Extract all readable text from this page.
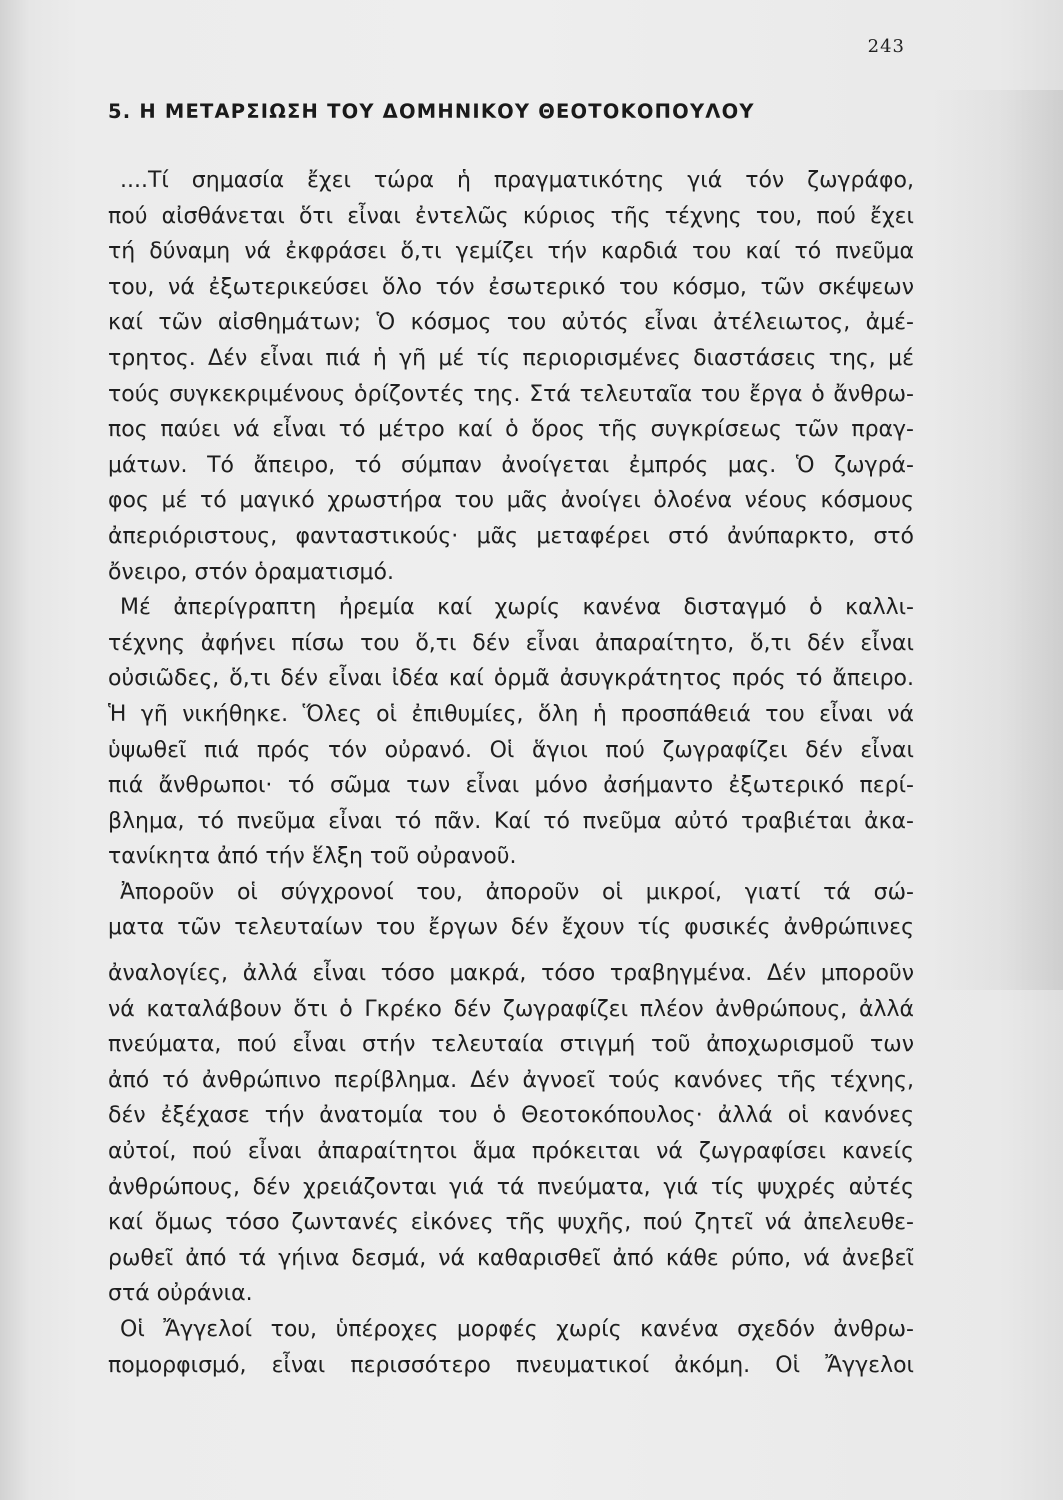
243
5. Η ΜΕΤΑΡΣΙΩΣΗ ΤΟΥ ΔΟΜΗΝΙΚΟΥ ΘΕΟΤΟΚΟΠΟΥΛΟΥ
....Τί σημασία ἔχει τώρα ἡ πραγματικότης γιά τόν ζωγράφο,
πού αἰσθάνεται ὅτι εἶναι ἐντελῶς κύριος τῆς τέχνης του, πού ἔχει
τή δύναμη νά ἐκφράσει ὅ,τι γεμίζει τήν καρδιά του καί τό πνεῦμα
του, νά ἐξωτερικεύσει ὅλο τόν ἐσωτερικό του κόσμο, τῶν σκέψεων
καί τῶν αἰσθημάτων; Ὁ κόσμος του αὐτός εἶναι ἀτέλειωτος, ἀμέ-
τρητος. Δέν εἶναι πιά ἡ γῆ μέ τίς περιορισμένες διαστάσεις της, μέ
τούς συγκεκριμένους ὁρίζοντές της. Στά τελευταῖα του ἔργα ὁ ἄνθρω-
πος παύει νά εἶναι τό μέτρο καί ὁ ὅρος τῆς συγκρίσεως τῶν πραγ-
μάτων. Τό ἄπειρο, τό σύμπαν ἀνοίγεται ἐμπρός μας. Ὁ ζωγρά-
φος μέ τό μαγικό χρωστήρα του μᾶς ἀνοίγει ὁλοένα νέους κόσμους
ἀπεριόριστους, φανταστικούς· μᾶς μεταφέρει στό ἀνύπαρκτο, στό
ὄνειρο, στόν ὁραματισμό.
Μέ ἀπερίγραπτη ἠρεμία καί χωρίς κανένα δισταγμό ὁ καλλι-
τέχνης ἀφήνει πίσω του ὅ,τι δέν εἶναι ἀπαραίτητο, ὅ,τι δέν εἶναι
οὐσιῶδες, ὅ,τι δέν εἶναι ἰδέα καί ὁρμᾶ ἀσυγκράτητος πρός τό ἄπειρο.
Ἡ γῆ νικήθηκε. Ὅλες οἱ ἐπιθυμίες, ὅλη ἡ προσπάθειά του εἶναι νά
ὑψωθεῖ πιά πρός τόν οὐρανό. Οἱ ἅγιοι πού ζωγραφίζει δέν εἶναι
πιά ἄνθρωποι· τό σῶμα των εἶναι μόνο ἀσήμαντο ἐξωτερικό περί-
βλημα, τό πνεῦμα εἶναι τό πᾶν. Καί τό πνεῦμα αὐτό τραβιέται ἀκα-
τανίκητα ἀπό τήν ἕλξη τοῦ οὐρανοῦ.
Ἀποροῦν οἱ σύγχρονοί του, ἀποροῦν οἱ μικροί, γιατί τά σώ-
ματα τῶν τελευταίων του ἔργων δέν ἔχουν τίς φυσικές ἀνθρώπινες
ἀναλογίες, ἀλλά εἶναι τόσο μακρά, τόσο τραβηγμένα. Δέν μποροῦν
νά καταλάβουν ὅτι ὁ Γκρέκο δέν ζωγραφίζει πλέον ἀνθρώπους, ἀλλά
πνεύματα, πού εἶναι στήν τελευταία στιγμή τοῦ ἀποχωρισμοῦ των
ἀπό τό ἀνθρώπινο περίβλημα. Δέν ἀγνοεῖ τούς κανόνες τῆς τέχνης,
δέν ἐξέχασε τήν ἀνατομία του ὁ Θεοτοκόπουλος· ἀλλά οἱ κανόνες
αὐτοί, πού εἶναι ἀπαραίτητοι ἅμα πρόκειται νά ζωγραφίσει κανείς
ἀνθρώπους, δέν χρειάζονται γιά τά πνεύματα, γιά τίς ψυχρές αὐτές
καί ὅμως τόσο ζωντανές εἰκόνες τῆς ψυχῆς, πού ζητεῖ νά ἀπελευθε-
ρωθεῖ ἀπό τά γήινα δεσμά, νά καθαρισθεῖ ἀπό κάθε ρύπο, νά ἀνεβεῖ
στά οὐράνια.
Οἱ Ἄγγελοί του, ὑπέροχες μορφές χωρίς κανένα σχεδόν ἀνθρω-
πομορφισμό, εἶναι περισσότερο πνευματικοί ἀκόμη. Οἱ Ἄγγελοι
